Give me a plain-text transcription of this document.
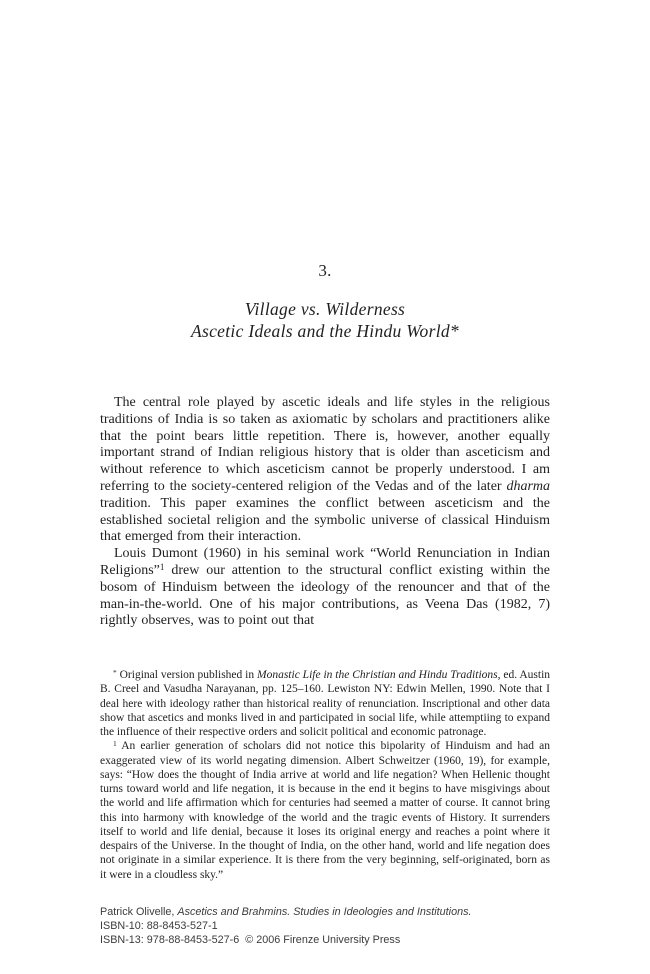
3.
Village vs. Wilderness
Ascetic Ideals and the Hindu World*

The central role played by ascetic ideals and life styles in the religious traditions of India is so taken as axiomatic by scholars and practitioners alike that the point bears little repetition. There is, however, another equally important strand of Indian religious history that is older than asceticism and without reference to which asceticism cannot be properly understood. I am referring to the society-centered religion of the Vedas and of the later dharma tradition. This paper examines the conflict between asceticism and the established societal religion and the symbolic universe of classical Hinduism that emerged from their interaction.

Louis Dumont (1960) in his seminal work “World Renunciation in Indian Religions”$^1$ drew our attention to the structural conflict existing within the bosom of Hinduism between the ideology of the renouncer and that of the man-in-the-world. One of his major contributions, as Veena Das (1982, 7) rightly observes, was to point out that

* Original version published in Monastic Life in the Christian and Hindu Traditions, ed. Austin B. Creel and Vasudha Narayanan, pp. 125–160. Lewiston NY: Edwin Mellen, 1990. Note that I deal here with ideology rather than historical reality of renunciation. Inscriptional and other data show that ascetics and monks lived in and participated in social life, while attemptiing to expand the influence of their respective orders and solicit political and economic patronage.

$^1$ An earlier generation of scholars did not notice this bipolarity of Hinduism and had an exaggerated view of its world negating dimension. Albert Schweitzer (1960, 19), for example, says: “How does the thought of India arrive at world and life negation? When Hellenic thought turns toward world and life negation, it is because in the end it begins to have misgivings about the world and life affirmation which for centuries had seemed a matter of course. It cannot bring this into harmony with knowledge of the world and the tragic events of History. It surrenders itself to world and life denial, because it loses its original energy and reaches a point where it despairs of the Universe. In the thought of India, on the other hand, world and life negation does not originate in a similar experience. It is there from the very beginning, self-originated, born as it were in a cloudless sky.”

Patrick Olivelle, Ascetics and Brahmins. Studies in Ideologies and Institutions.
ISBN-10: 88-8453-527-1
ISBN-13: 978-88-8453-527-6  © 2006 Firenze University Press
